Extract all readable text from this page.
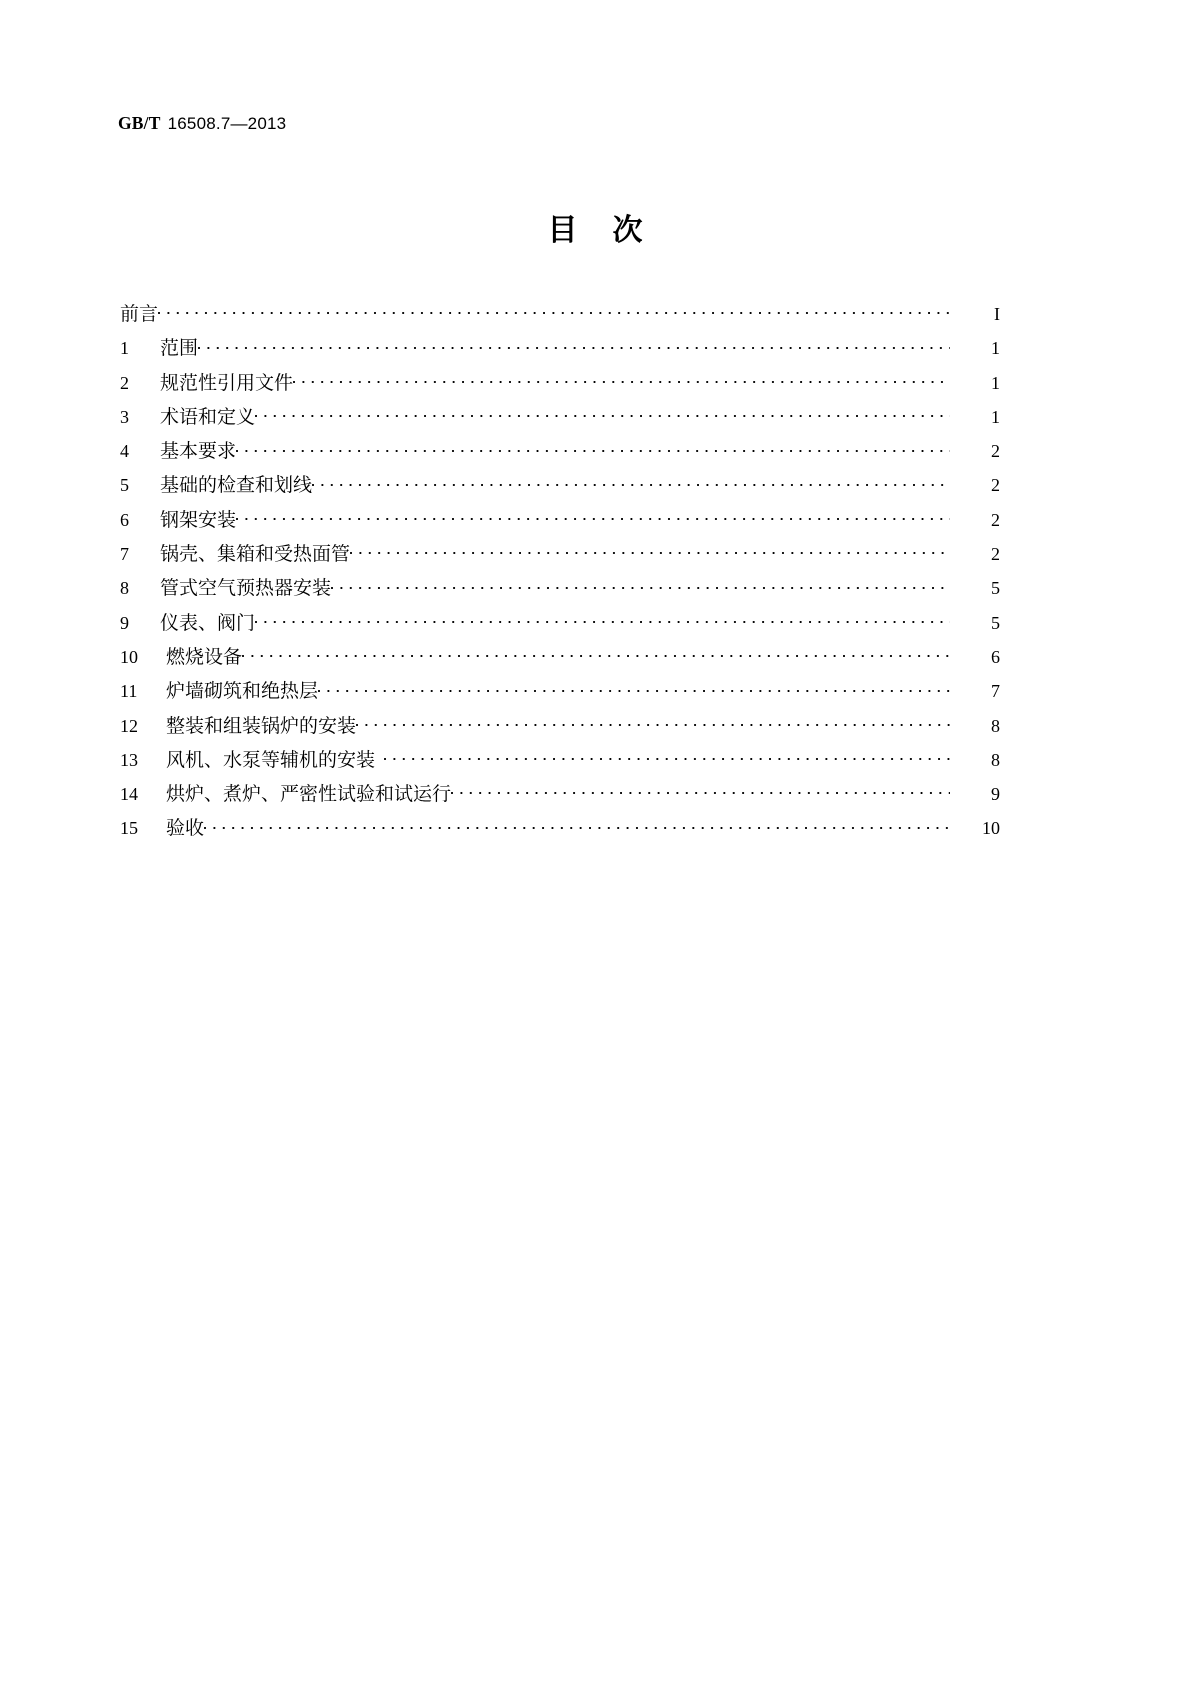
GB/T 16508.7—2013
目 次
前言	I
1	范围	1
2	规范性引用文件	1
3	术语和定义	1
4	基本要求	2
5	基础的检查和划线	2
6	钢架安装	2
7	锅壳、集箱和受热面管	2
8	管式空气预热器安装	5
9	仪表、阀门	5
10	燃烧设备	6
11	炉墙砌筑和绝热层	7
12	整装和组装锅炉的安装	8
13	风机、水泵等辅机的安装	8
14	烘炉、煮炉、严密性试验和试运行	9
15	验收	10
